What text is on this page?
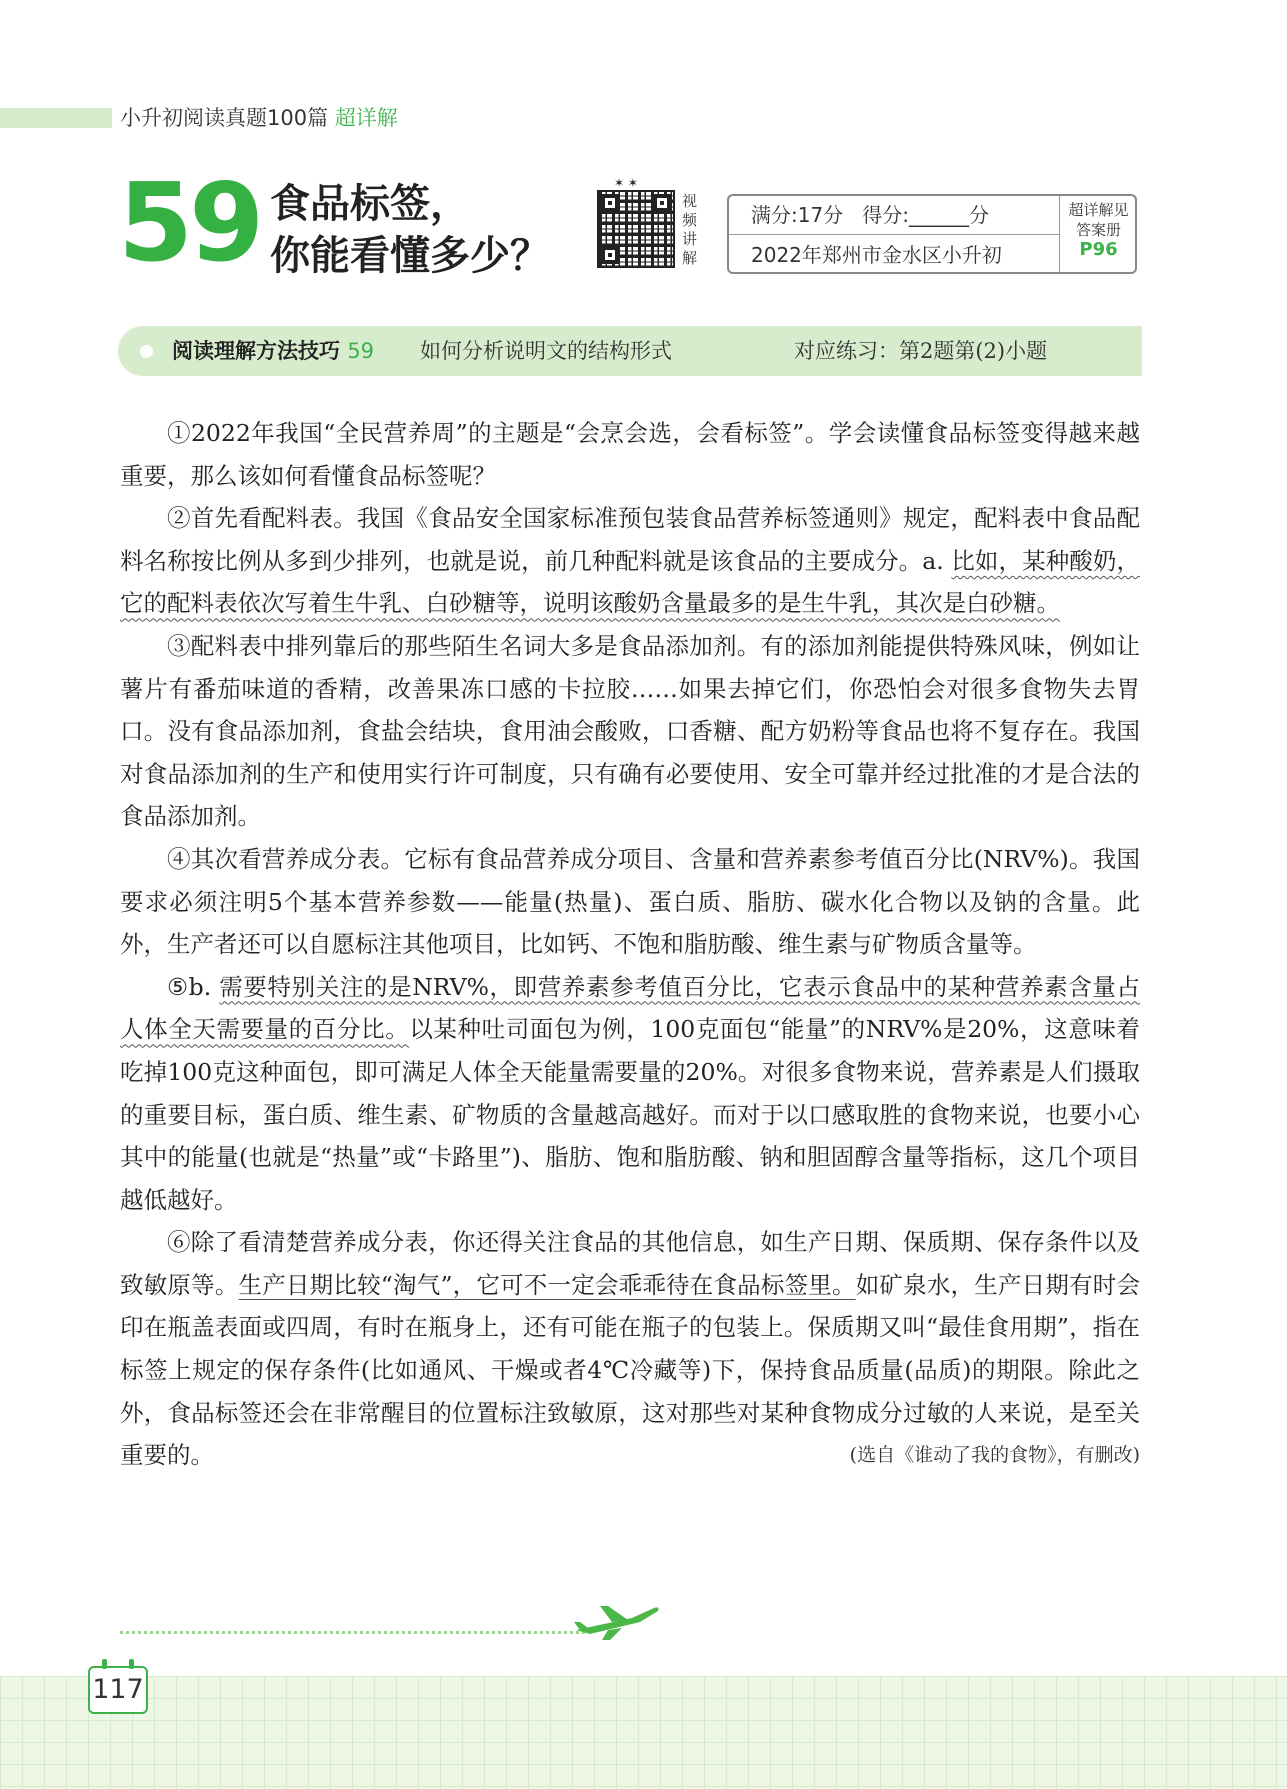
小升初阅读真题100篇 超详解
59 食品标签，
你能看懂多少？
✶ ✶
视频讲解
满分:17分 得分:______分
2022年郑州市金水区小升初
超详解见
答案册
P96
阅读理解方法技巧 59 如何分析说明文的结构形式	对应练习：第2题第(2)小题

①2022年我国“全民营养周”的主题是“会烹会选，会看标签”。学会读懂食品标签变得越来越重要，那么该如何看懂食品标签呢？

②首先看配料表。我国《食品安全国家标准预包装食品营养标签通则》规定，配料表中食品配料名称按比例从多到少排列，也就是说，前几种配料就是该食品的主要成分。a. 比如，某种酸奶，它的配料表依次写着生牛乳、白砂糖等，说明该酸奶含量最多的是生牛乳，其次是白砂糖。

③配料表中排列靠后的那些陌生名词大多是食品添加剂。有的添加剂能提供特殊风味，例如让薯片有番茄味道的香精，改善果冻口感的卡拉胶……如果去掉它们，你恐怕会对很多食物失去胃口。没有食品添加剂，食盐会结块，食用油会酸败，口香糖、配方奶粉等食品也将不复存在。我国对食品添加剂的生产和使用实行许可制度，只有确有必要使用、安全可靠并经过批准的才是合法的食品添加剂。

④其次看营养成分表。它标有食品营养成分项目、含量和营养素参考值百分比(NRV%)。我国要求必须注明5个基本营养参数——能量(热量)、蛋白质、脂肪、碳水化合物以及钠的含量。此外，生产者还可以自愿标注其他项目，比如钙、不饱和脂肪酸、维生素与矿物质含量等。

⑤b. 需要特别关注的是NRV%，即营养素参考值百分比，它表示食品中的某种营养素含量占人体全天需要量的百分比。以某种吐司面包为例，100克面包“能量”的NRV%是20%，这意味着吃掉100克这种面包，即可满足人体全天能量需要量的20%。对很多食物来说，营养素是人们摄取的重要目标，蛋白质、维生素、矿物质的含量越高越好。而对于以口感取胜的食物来说，也要小心其中的能量(也就是“热量”或“卡路里”)、脂肪、饱和脂肪酸、钠和胆固醇含量等指标，这几个项目越低越好。

⑥除了看清楚营养成分表，你还得关注食品的其他信息，如生产日期、保质期、保存条件以及致敏原等。生产日期比较“淘气”，它可不一定会乖乖待在食品标签里。如矿泉水，生产日期有时会印在瓶盖表面或四周，有时在瓶身上，还有可能在瓶子的包装上。保质期又叫“最佳食用期”，指在标签上规定的保存条件(比如通风、干燥或者4℃冷藏等)下，保持食品质量(品质)的期限。除此之外，食品标签还会在非常醒目的位置标注致敏原，这对那些对某种食物成分过敏的人来说，是至关重要的。	(选自《谁动了我的食物》，有删改)

117
